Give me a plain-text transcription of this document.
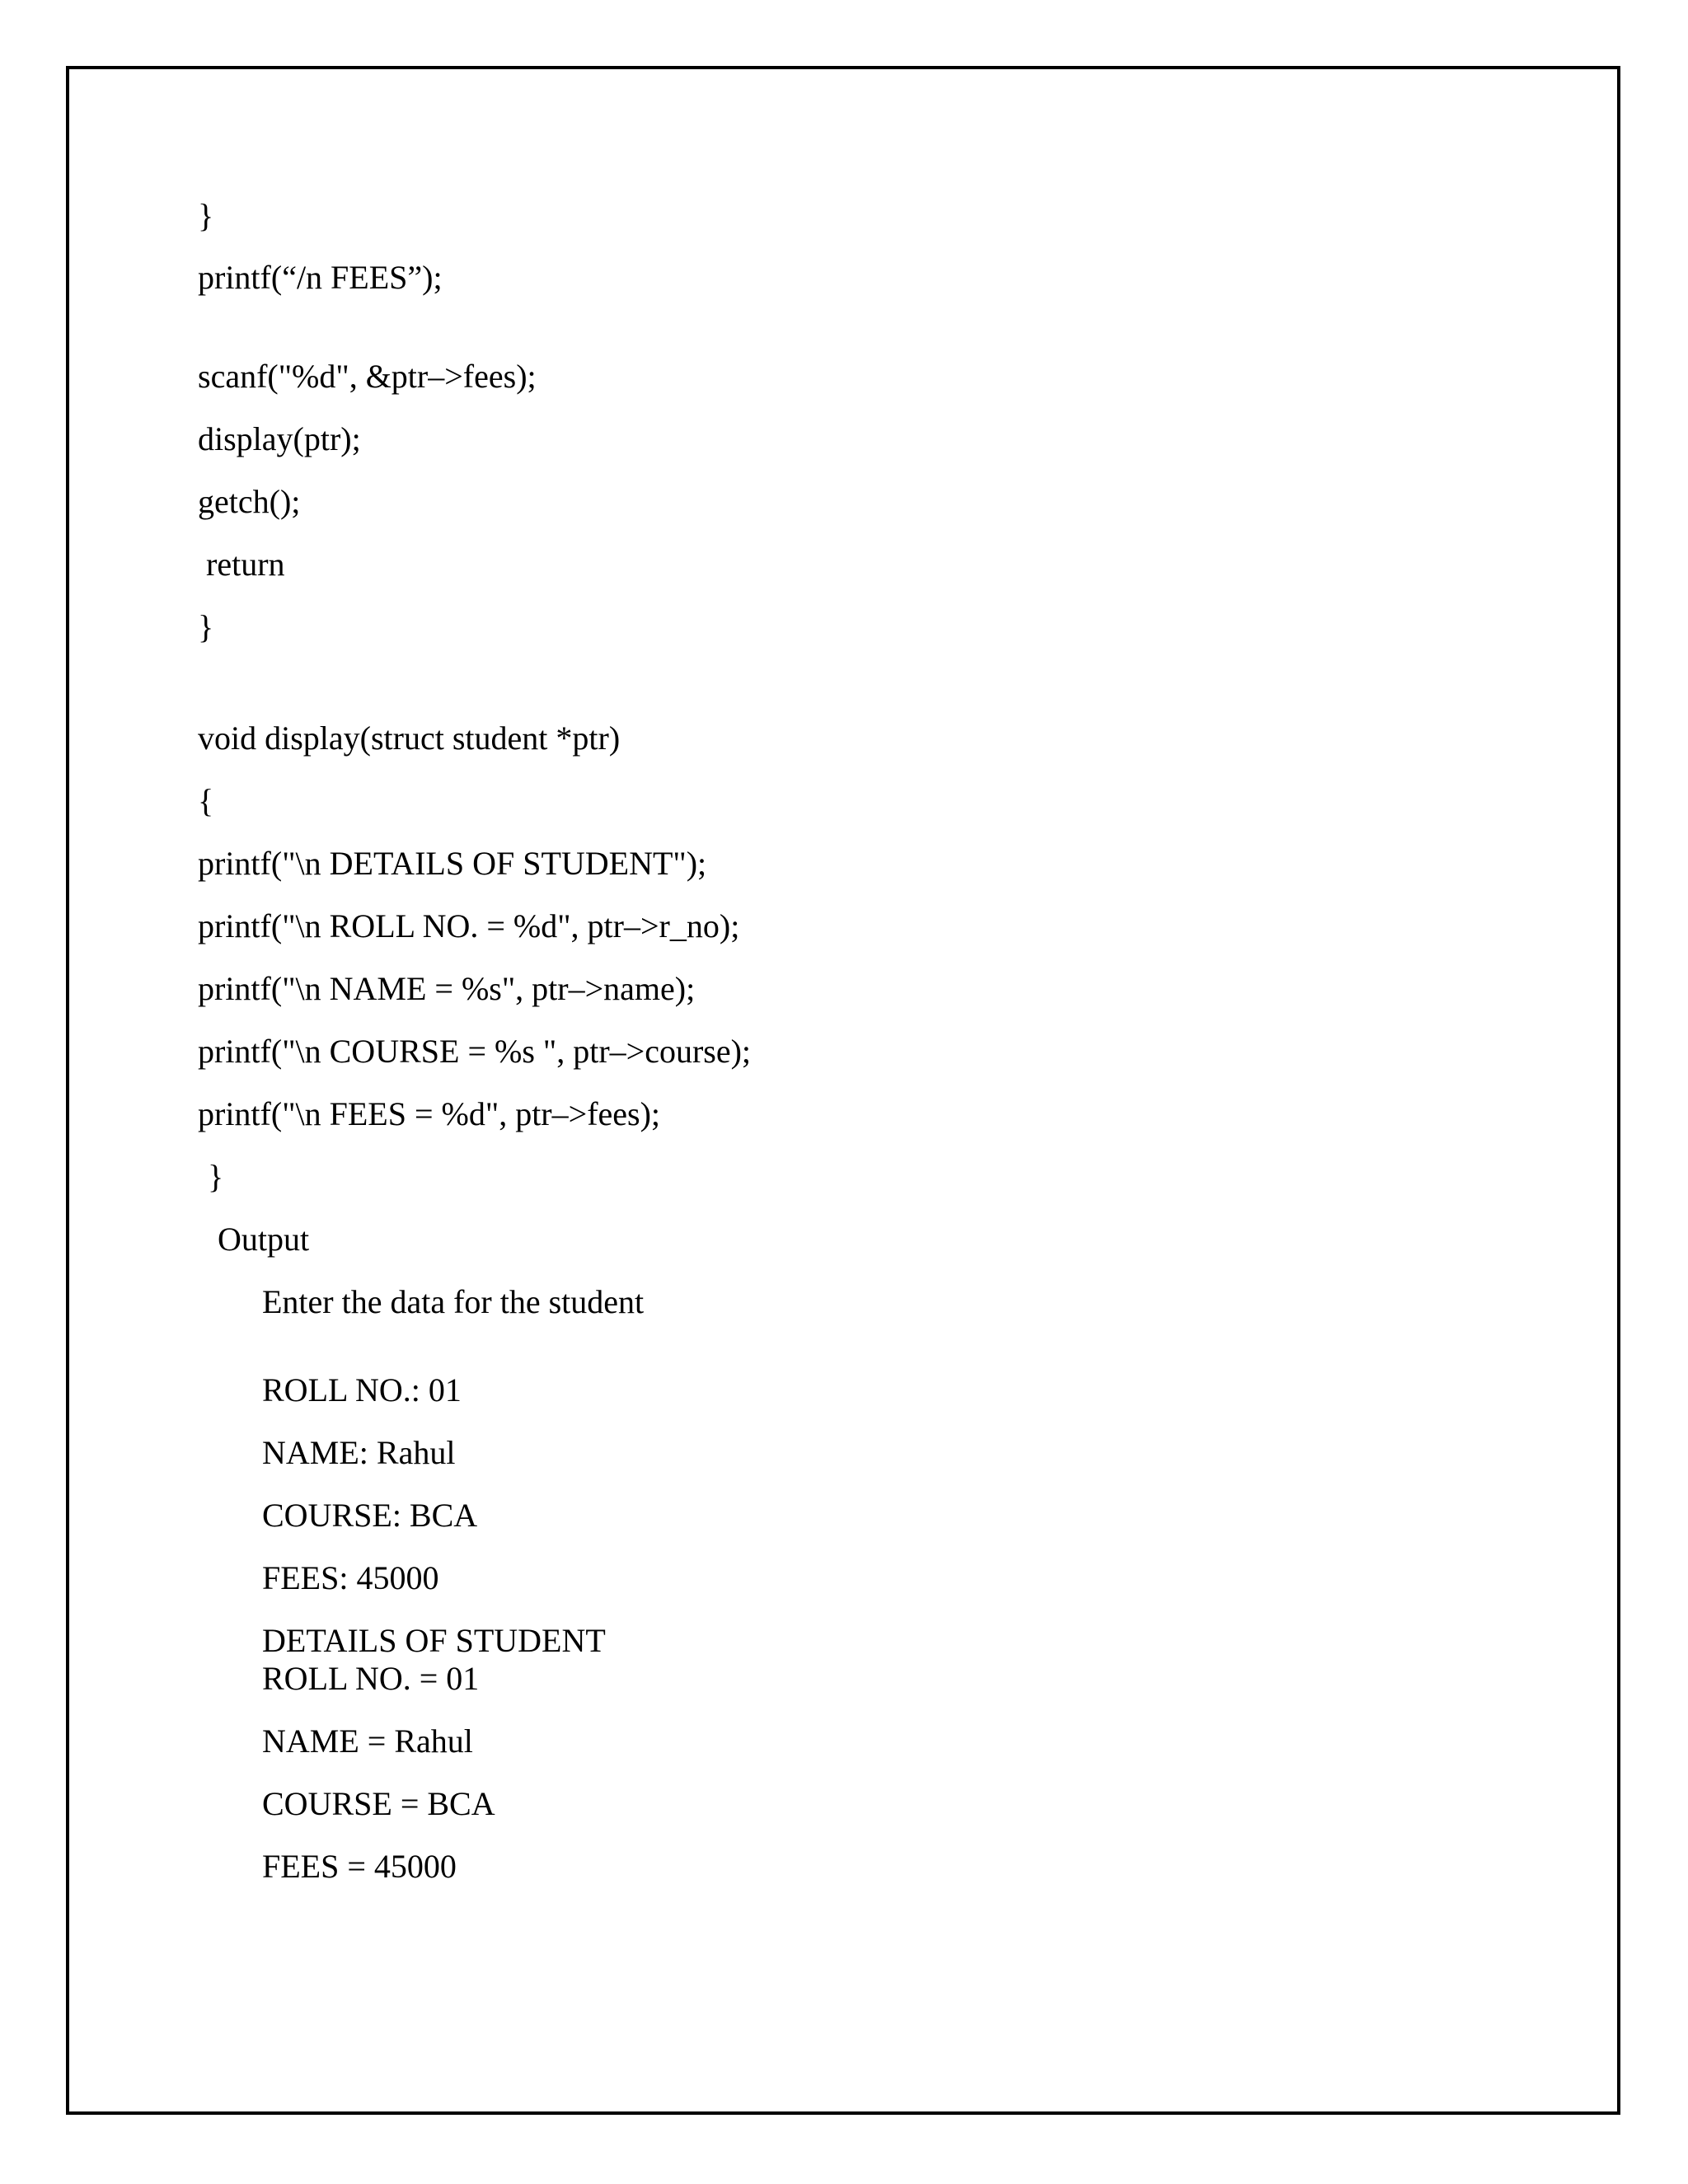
}
printf(“/n FEES”);
scanf("%d", &ptr–>fees);
display(ptr);
getch();
return
}
void display(struct student *ptr)
{
printf("\n DETAILS OF STUDENT");
printf("\n ROLL NO. = %d", ptr–>r_no);
printf("\n NAME = %s", ptr–>name);
printf("\n COURSE = %s ", ptr–>course);
printf("\n FEES = %d", ptr–>fees);
}
Output
Enter the data for the student
ROLL NO.: 01
NAME: Rahul
COURSE: BCA
FEES: 45000
DETAILS OF STUDENT
ROLL NO. = 01
NAME = Rahul
COURSE = BCA
FEES = 45000
